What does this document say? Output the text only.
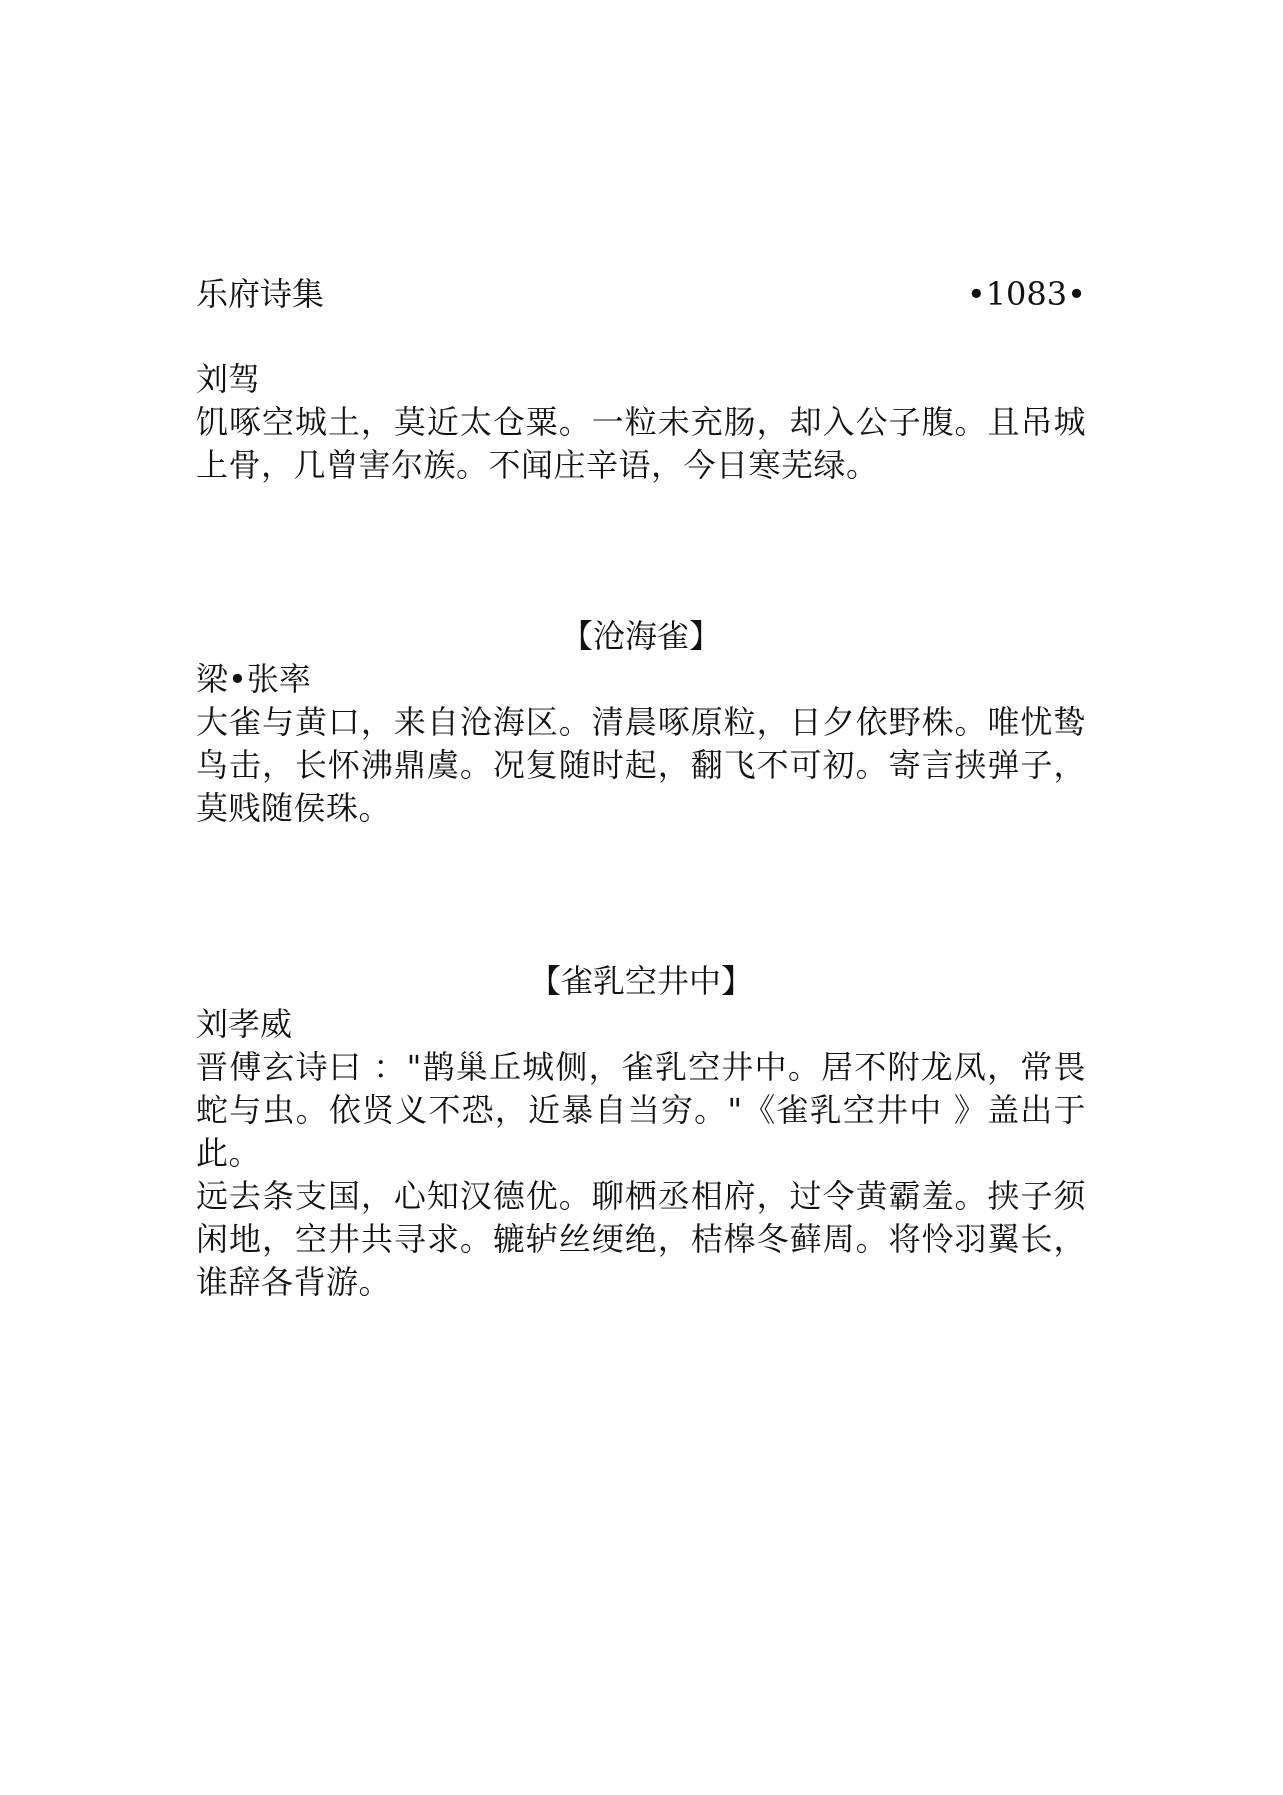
乐府诗集	•1083•

刘驾

饥啄空城土，莫近太仓粟。一粒未充肠，却入公子腹。且吊城上骨，几曾害尔族。不闻庄辛语，今日寒芜绿。

【沧海雀】

梁•张率

大雀与黄口，来自沧海区。清晨啄原粒，日夕依野株。唯忧鸷鸟击，长怀沸鼎虞。况复随时起，翻飞不可初。寄言挟弹子，莫贱随侯珠。

【雀乳空井中】

刘孝威

晋傅玄诗曰 ："鹊巢丘城侧，雀乳空井中。居不附龙凤，常畏蛇与虫。依贤义不恐，近暴自当穷。"《雀乳空井中 》盖出于此。

远去条支国，心知汉德优。聊栖丞相府，过令黄霸羞。挟子须闲地，空井共寻求。辘轳丝绠绝，桔槔冬藓周。将怜羽翼长，谁辞各背游。
